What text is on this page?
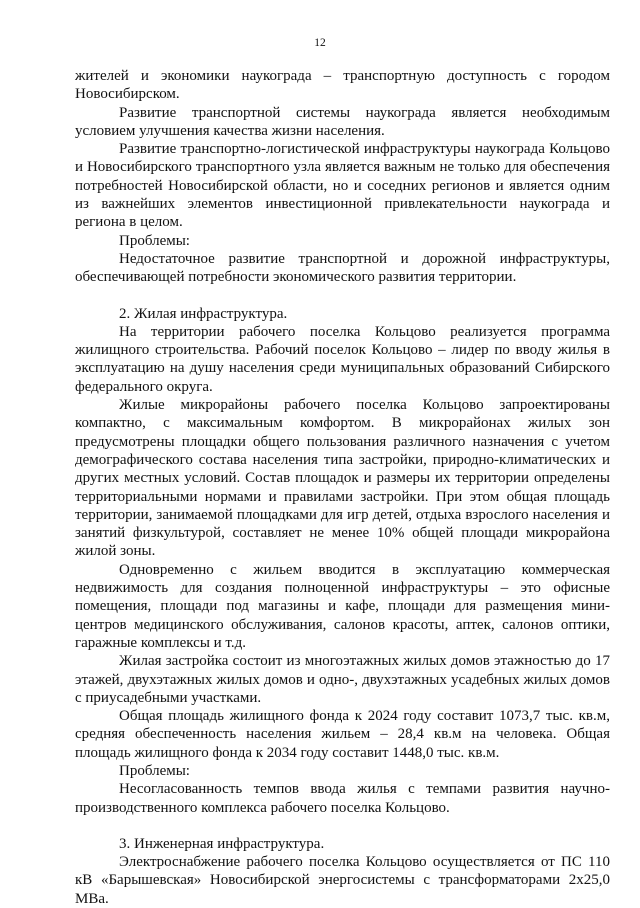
12

жителей и экономики наукограда – транспортную доступность с городом Новосибирском.

Развитие транспортной системы наукограда является необходимым условием улучшения качества жизни населения.

Развитие транспортно-логистической инфраструктуры наукограда Кольцово и Новосибирского транспортного узла является важным не только для обеспечения потребностей Новосибирской области, но и соседних регионов и является одним из важнейших элементов инвестиционной привлекательности наукограда и региона в целом.

Проблемы:

Недостаточное развитие транспортной и дорожной инфраструктуры, обеспечивающей потребности экономического развития территории.

2. Жилая инфраструктура.

На территории рабочего поселка Кольцово реализуется программа жилищного строительства. Рабочий поселок Кольцово – лидер по вводу жилья в эксплуатацию на душу населения среди муниципальных образований Сибирского федерального округа.

Жилые микрорайоны рабочего поселка Кольцово запроектированы компактно, с максимальным комфортом. В микрорайонах жилых зон предусмотрены площадки общего пользования различного назначения с учетом демографического состава населения типа застройки, природно-климатических и других местных условий. Состав площадок и размеры их территории определены территориальными нормами и правилами застройки. При этом общая площадь территории, занимаемой площадками для игр детей, отдыха взрослого населения и занятий физкультурой, составляет не менее 10% общей площади микрорайона жилой зоны.

Одновременно с жильем вводится в эксплуатацию коммерческая недвижимость для создания полноценной инфраструктуры – это офисные помещения, площади под магазины и кафе, площади для размещения мини-центров медицинского обслуживания, салонов красоты, аптек, салонов оптики, гаражные комплексы и т.д.

Жилая застройка состоит из многоэтажных жилых домов этажностью до 17 этажей, двухэтажных жилых домов и одно-, двухэтажных усадебных жилых домов с приусадебными участками.

Общая площадь жилищного фонда к 2024 году составит 1073,7 тыс. кв.м, средняя обеспеченность населения жильем – 28,4 кв.м на человека. Общая площадь жилищного фонда к 2034 году составит 1448,0 тыс. кв.м.

Проблемы:

Несогласованность темпов ввода жилья с темпами развития научно-производственного комплекса рабочего поселка Кольцово.

3. Инженерная инфраструктура.

Электроснабжение рабочего поселка Кольцово осуществляется от ПС 110 кВ «Барышевская» Новосибирской энергосистемы с трансформаторами 2х25,0 МВа.
